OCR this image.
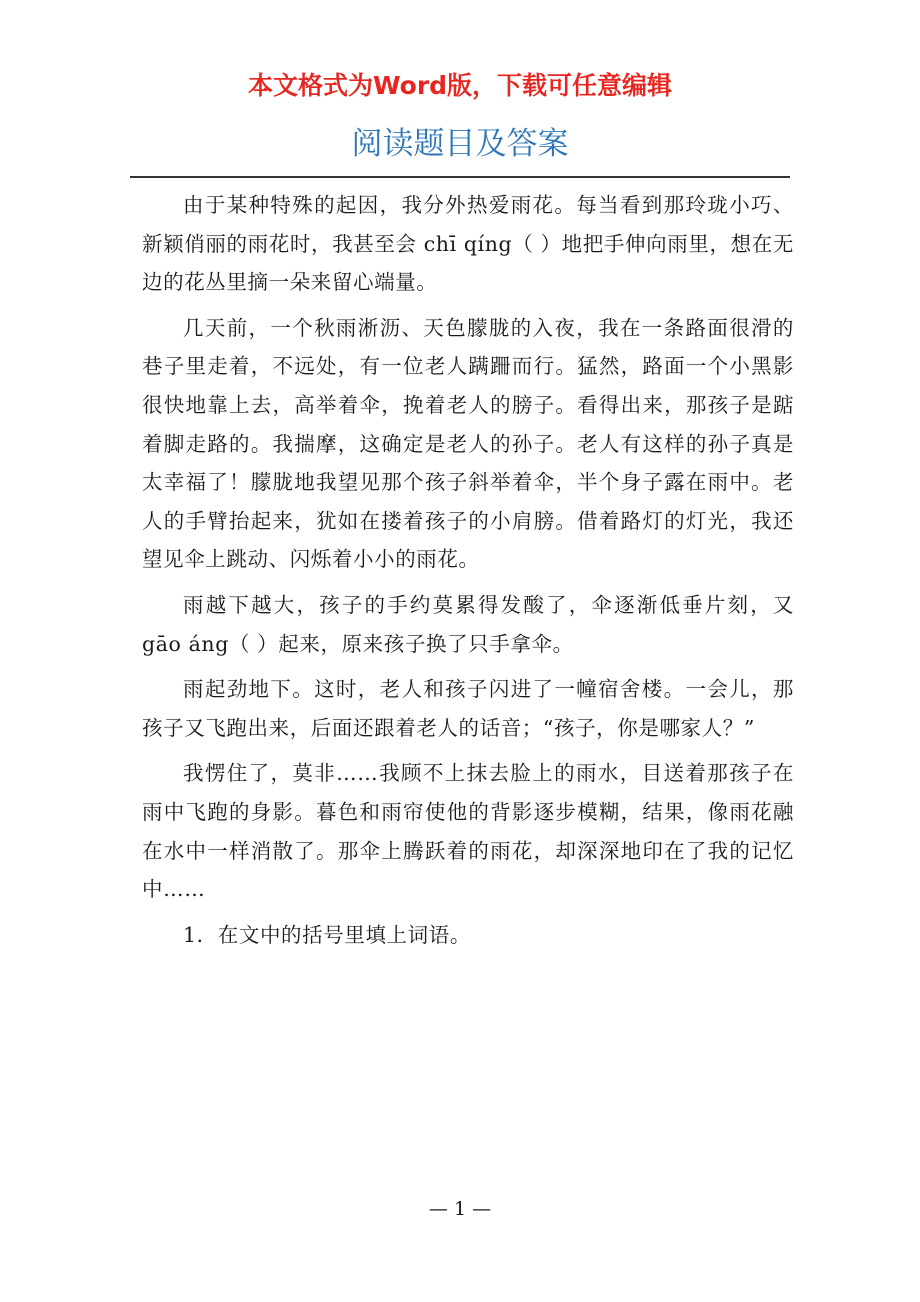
本文格式为Word版，下载可任意编辑
阅读题目及答案

由于某种特殊的起因，我分外热爱雨花。每当看到那玲珑小巧、新颖俏丽的雨花时，我甚至会 chī qíng（ ）地把手伸向雨里，想在无边的花丛里摘一朵来留心端量。

几天前，一个秋雨淅沥、天色朦胧的入夜，我在一条路面很滑的巷子里走着，不远处，有一位老人蹒跚而行。猛然，路面一个小黑影很快地靠上去，高举着伞，挽着老人的膀子。看得出来，那孩子是踮着脚走路的。我揣摩，这确定是老人的孙子。老人有这样的孙子真是太幸福了！朦胧地我望见那个孩子斜举着伞，半个身子露在雨中。老人的手臂抬起来，犹如在搂着孩子的小肩膀。借着路灯的灯光，我还望见伞上跳动、闪烁着小小的雨花。

雨越下越大，孩子的手约莫累得发酸了，伞逐渐低垂片刻，又 gāo áng（ ）起来，原来孩子换了只手拿伞。

雨起劲地下。这时，老人和孩子闪进了一幢宿舍楼。一会儿，那孩子又飞跑出来，后面还跟着老人的话音；“孩子，你是哪家人？”

我愣住了，莫非……我顾不上抹去脸上的雨水，目送着那孩子在雨中飞跑的身影。暮色和雨帘使他的背影逐步模糊，结果，像雨花融在水中一样消散了。那伞上腾跃着的雨花，却深深地印在了我的记忆中……

1．在文中的括号里填上词语。

— 1 —
